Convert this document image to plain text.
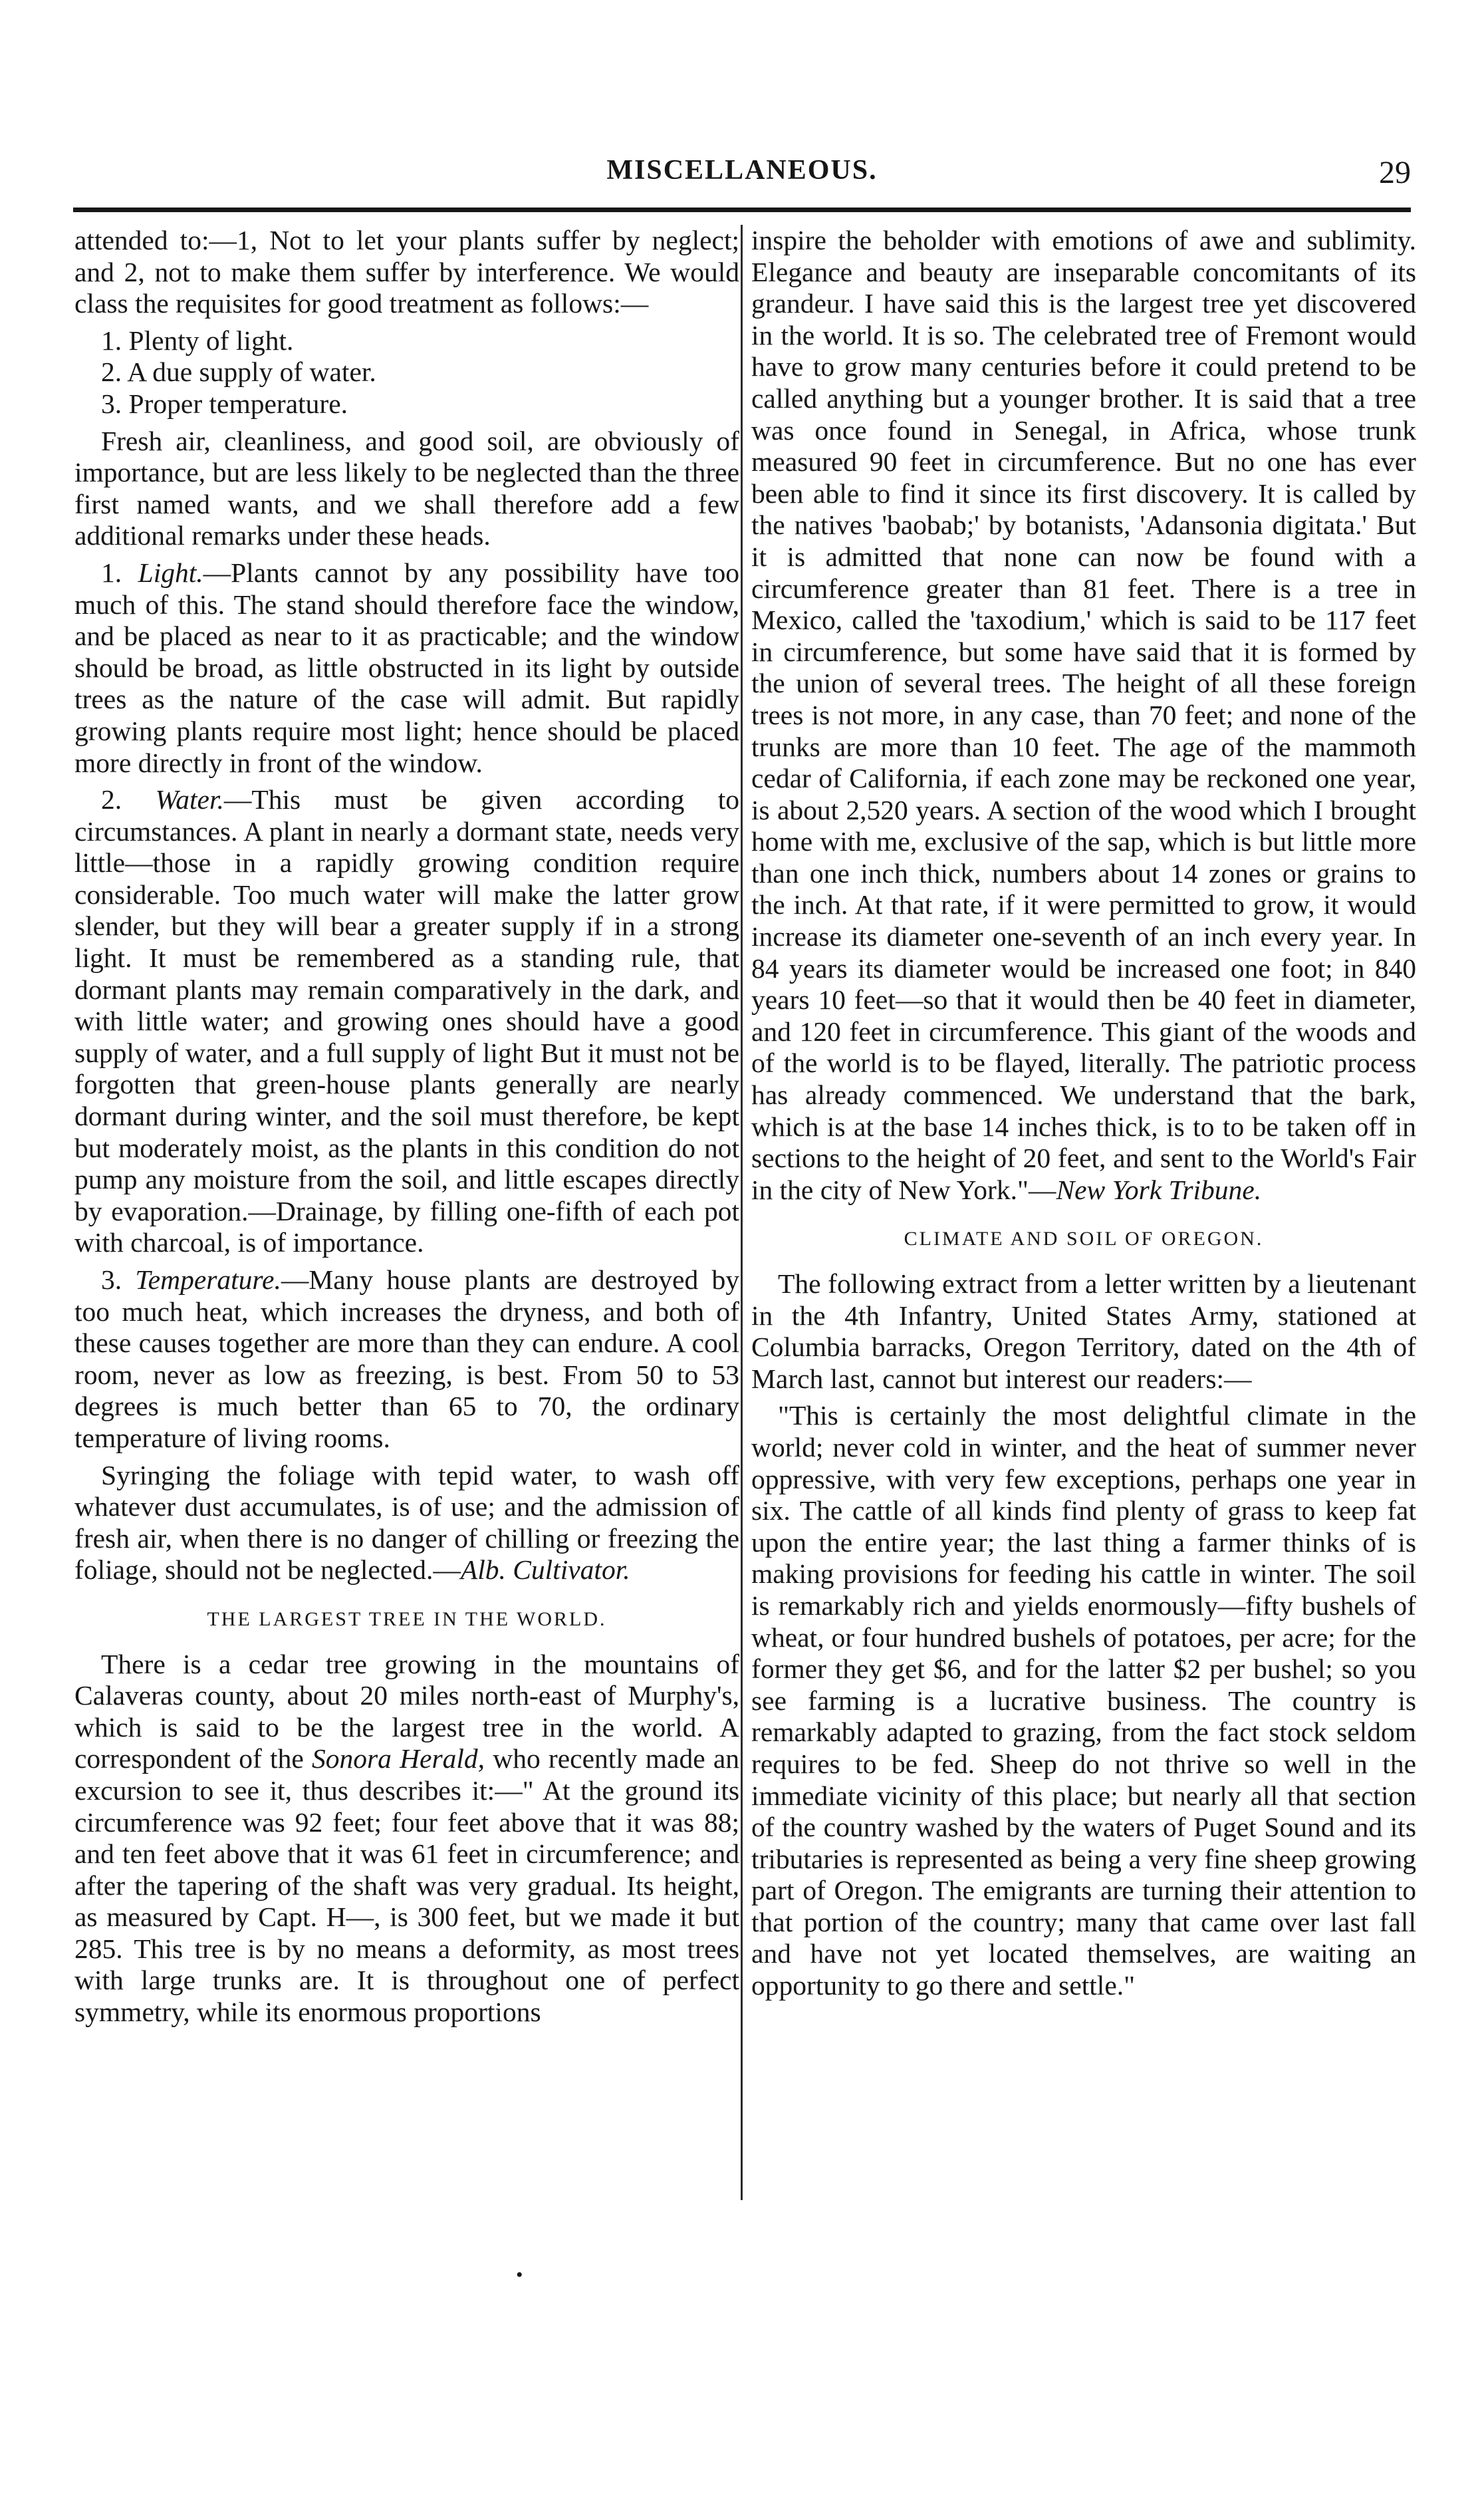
MISCELLANEOUS.	29

attended to:—1, Not to let your plants suffer by neglect; and 2, not to make them suffer by interference. We would class the requisites for good treatment as follows:—

1. Plenty of light.

2. A due supply of water.

3. Proper temperature.

Fresh air, cleanliness, and good soil, are obviously of importance, but are less likely to be neglected than the three first named wants, and we shall therefore add a few additional remarks under these heads.

1. Light.—Plants cannot by any possibility have too much of this. The stand should therefore face the window, and be placed as near to it as practicable; and the window should be broad, as little obstructed in its light by outside trees as the nature of the case will admit. But rapidly growing plants require most light; hence should be placed more directly in front of the window.

2. Water.—This must be given according to circumstances. A plant in nearly a dormant state, needs very little—those in a rapidly growing condition require considerable. Too much water will make the latter grow slender, but they will bear a greater supply if in a strong light. It must be remembered as a standing rule, that dormant plants may remain comparatively in the dark, and with little water; and growing ones should have a good supply of water, and a full supply of light But it must not be forgotten that green-house plants generally are nearly dormant during winter, and the soil must therefore, be kept but moderately moist, as the plants in this condition do not pump any moisture from the soil, and little escapes directly by evaporation.—Drainage, by filling one-fifth of each pot with charcoal, is of importance.

3. Temperature.—Many house plants are destroyed by too much heat, which increases the dryness, and both of these causes together are more than they can endure. A cool room, never as low as freezing, is best. From 50 to 53 degrees is much better than 65 to 70, the ordinary temperature of living rooms.

Syringing the foliage with tepid water, to wash off whatever dust accumulates, is of use; and the admission of fresh air, when there is no danger of chilling or freezing the foliage, should not be neglected.—Alb. Cultivator.

THE LARGEST TREE IN THE WORLD.

There is a cedar tree growing in the mountains of Calaveras county, about 20 miles north-east of Murphy's, which is said to be the largest tree in the world. A correspondent of the Sonora Herald, who recently made an excursion to see it, thus describes it:—" At the ground its circumference was 92 feet; four feet above that it was 88; and ten feet above that it was 61 feet in circumference; and after the tapering of the shaft was very gradual. Its height, as measured by Capt. H—, is 300 feet, but we made it but 285. This tree is by no means a deformity, as most trees with large trunks are. It is throughout one of perfect symmetry, while its enormous proportions

inspire the beholder with emotions of awe and sublimity. Elegance and beauty are inseparable concomitants of its grandeur. I have said this is the largest tree yet discovered in the world. It is so. The celebrated tree of Fremont would have to grow many centuries before it could pretend to be called anything but a younger brother. It is said that a tree was once found in Senegal, in Africa, whose trunk measured 90 feet in circumference. But no one has ever been able to find it since its first discovery. It is called by the natives 'baobab;' by botanists, 'Adansonia digitata.' But it is admitted that none can now be found with a circumference greater than 81 feet. There is a tree in Mexico, called the 'taxodium,' which is said to be 117 feet in circumference, but some have said that it is formed by the union of several trees. The height of all these foreign trees is not more, in any case, than 70 feet; and none of the trunks are more than 10 feet. The age of the mammoth cedar of California, if each zone may be reckoned one year, is about 2,520 years. A section of the wood which I brought home with me, exclusive of the sap, which is but little more than one inch thick, numbers about 14 zones or grains to the inch. At that rate, if it were permitted to grow, it would increase its diameter one-seventh of an inch every year. In 84 years its diameter would be increased one foot; in 840 years 10 feet—so that it would then be 40 feet in diameter, and 120 feet in circumference. This giant of the woods and of the world is to be flayed, literally. The patriotic process has already commenced. We understand that the bark, which is at the base 14 inches thick, is to to be taken off in sections to the height of 20 feet, and sent to the World's Fair in the city of New York."—New York Tribune.

CLIMATE AND SOIL OF OREGON.

The following extract from a letter written by a lieutenant in the 4th Infantry, United States Army, stationed at Columbia barracks, Oregon Territory, dated on the 4th of March last, cannot but interest our readers:—

"This is certainly the most delightful climate in the world; never cold in winter, and the heat of summer never oppressive, with very few exceptions, perhaps one year in six. The cattle of all kinds find plenty of grass to keep fat upon the entire year; the last thing a farmer thinks of is making provisions for feeding his cattle in winter. The soil is remarkably rich and yields enormously—fifty bushels of wheat, or four hundred bushels of potatoes, per acre; for the former they get $6, and for the latter $2 per bushel; so you see farming is a lucrative business. The country is remarkably adapted to grazing, from the fact stock seldom requires to be fed. Sheep do not thrive so well in the immediate vicinity of this place; but nearly all that section of the country washed by the waters of Puget Sound and its tributaries is represented as being a very fine sheep growing part of Oregon. The emigrants are turning their attention to that portion of the country; many that came over last fall and have not yet located themselves, are waiting an opportunity to go there and settle."

•
